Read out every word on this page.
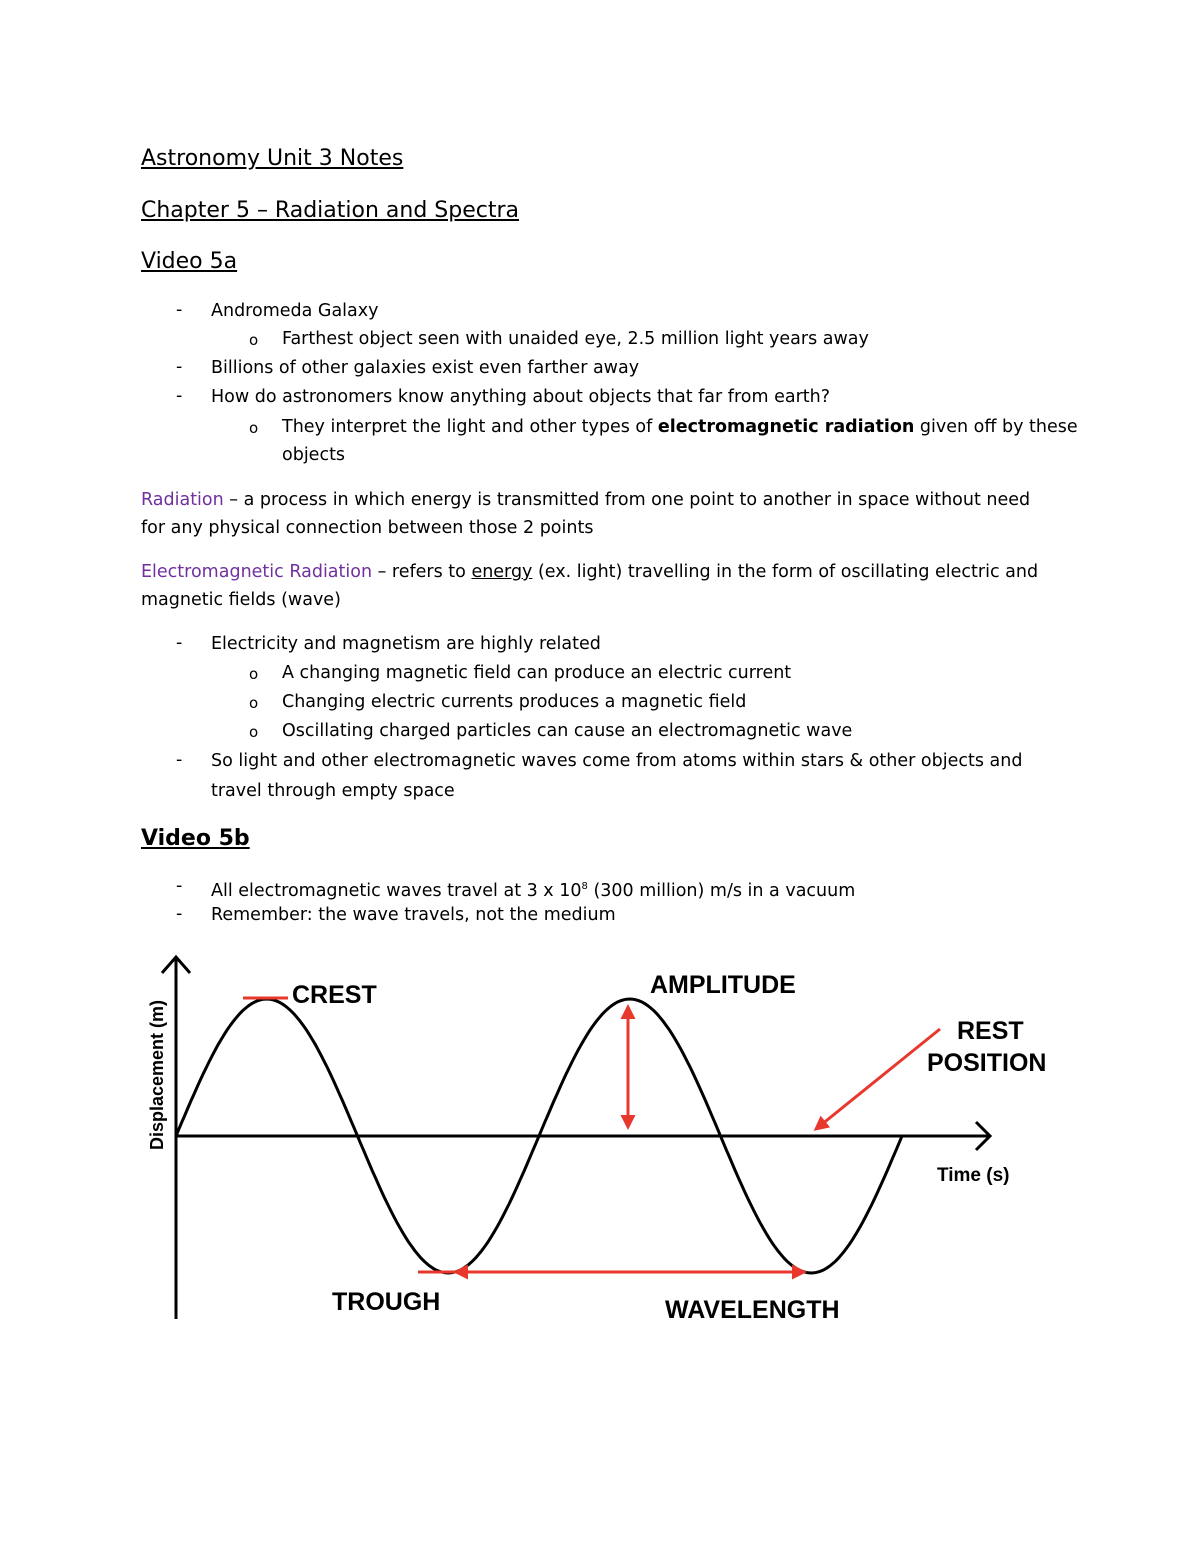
Astronomy Unit 3 Notes
Chapter 5 – Radiation and Spectra
Video 5a
- Andromeda Galaxy
o Farthest object seen with unaided eye, 2.5 million light years away
- Billions of other galaxies exist even farther away
- How do astronomers know anything about objects that far from earth?
o They interpret the light and other types of electromagnetic radiation given off by these
objects
Radiation – a process in which energy is transmitted from one point to another in space without need
for any physical connection between those 2 points
Electromagnetic Radiation – refers to energy (ex. light) travelling in the form of oscillating electric and
magnetic fields (wave)
- Electricity and magnetism are highly related
o A changing magnetic field can produce an electric current
o Changing electric currents produces a magnetic field
o Oscillating charged particles can cause an electromagnetic wave
- So light and other electromagnetic waves come from atoms within stars & other objects and
travel through empty space
Video 5b
- All electromagnetic waves travel at 3 x $10^8$ (300 million) m/s in a vacuum
- Remember: the wave travels, not the medium
CREST	AMPLITUDE
REST
POSITION
Time (s)
TROUGH	WAVELENGTH
Displacement (m)
